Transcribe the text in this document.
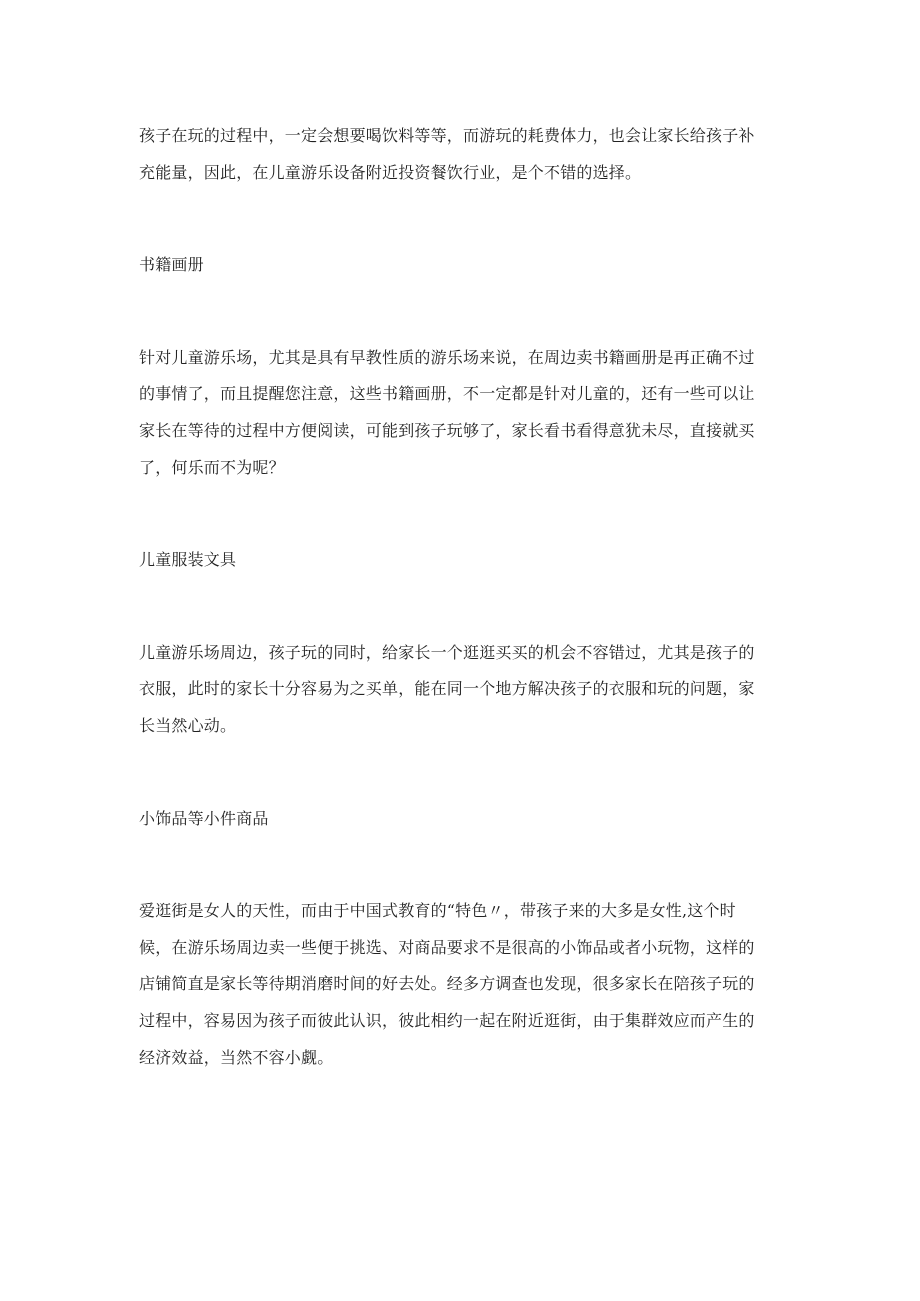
孩子在玩的过程中，一定会想要喝饮料等等，而游玩的耗费体力，也会让家长给孩子补
充能量，因此，在儿童游乐设备附近投资餐饮行业，是个不错的选择。

书籍画册

针对儿童游乐场，尤其是具有早教性质的游乐场来说，在周边卖书籍画册是再正确不过
的事情了，而且提醒您注意，这些书籍画册，不一定都是针对儿童的，还有一些可以让
家长在等待的过程中方便阅读，可能到孩子玩够了，家长看书看得意犹未尽，直接就买
了，何乐而不为呢？

儿童服装文具

儿童游乐场周边，孩子玩的同时，给家长一个逛逛买买的机会不容错过，尤其是孩子的
衣服，此时的家长十分容易为之买单，能在同一个地方解决孩子的衣服和玩的问题，家
长当然心动。

小饰品等小件商品

爱逛街是女人的天性，而由于中国式教育的“特色〃，带孩子来的大多是女性,这个时
候，在游乐场周边卖一些便于挑选、对商品要求不是很高的小饰品或者小玩物，这样的
店铺简直是家长等待期消磨时间的好去处。经多方调查也发现，很多家长在陪孩子玩的
过程中，容易因为孩子而彼此认识，彼此相约一起在附近逛街，由于集群效应而产生的
经济效益，当然不容小觑。
